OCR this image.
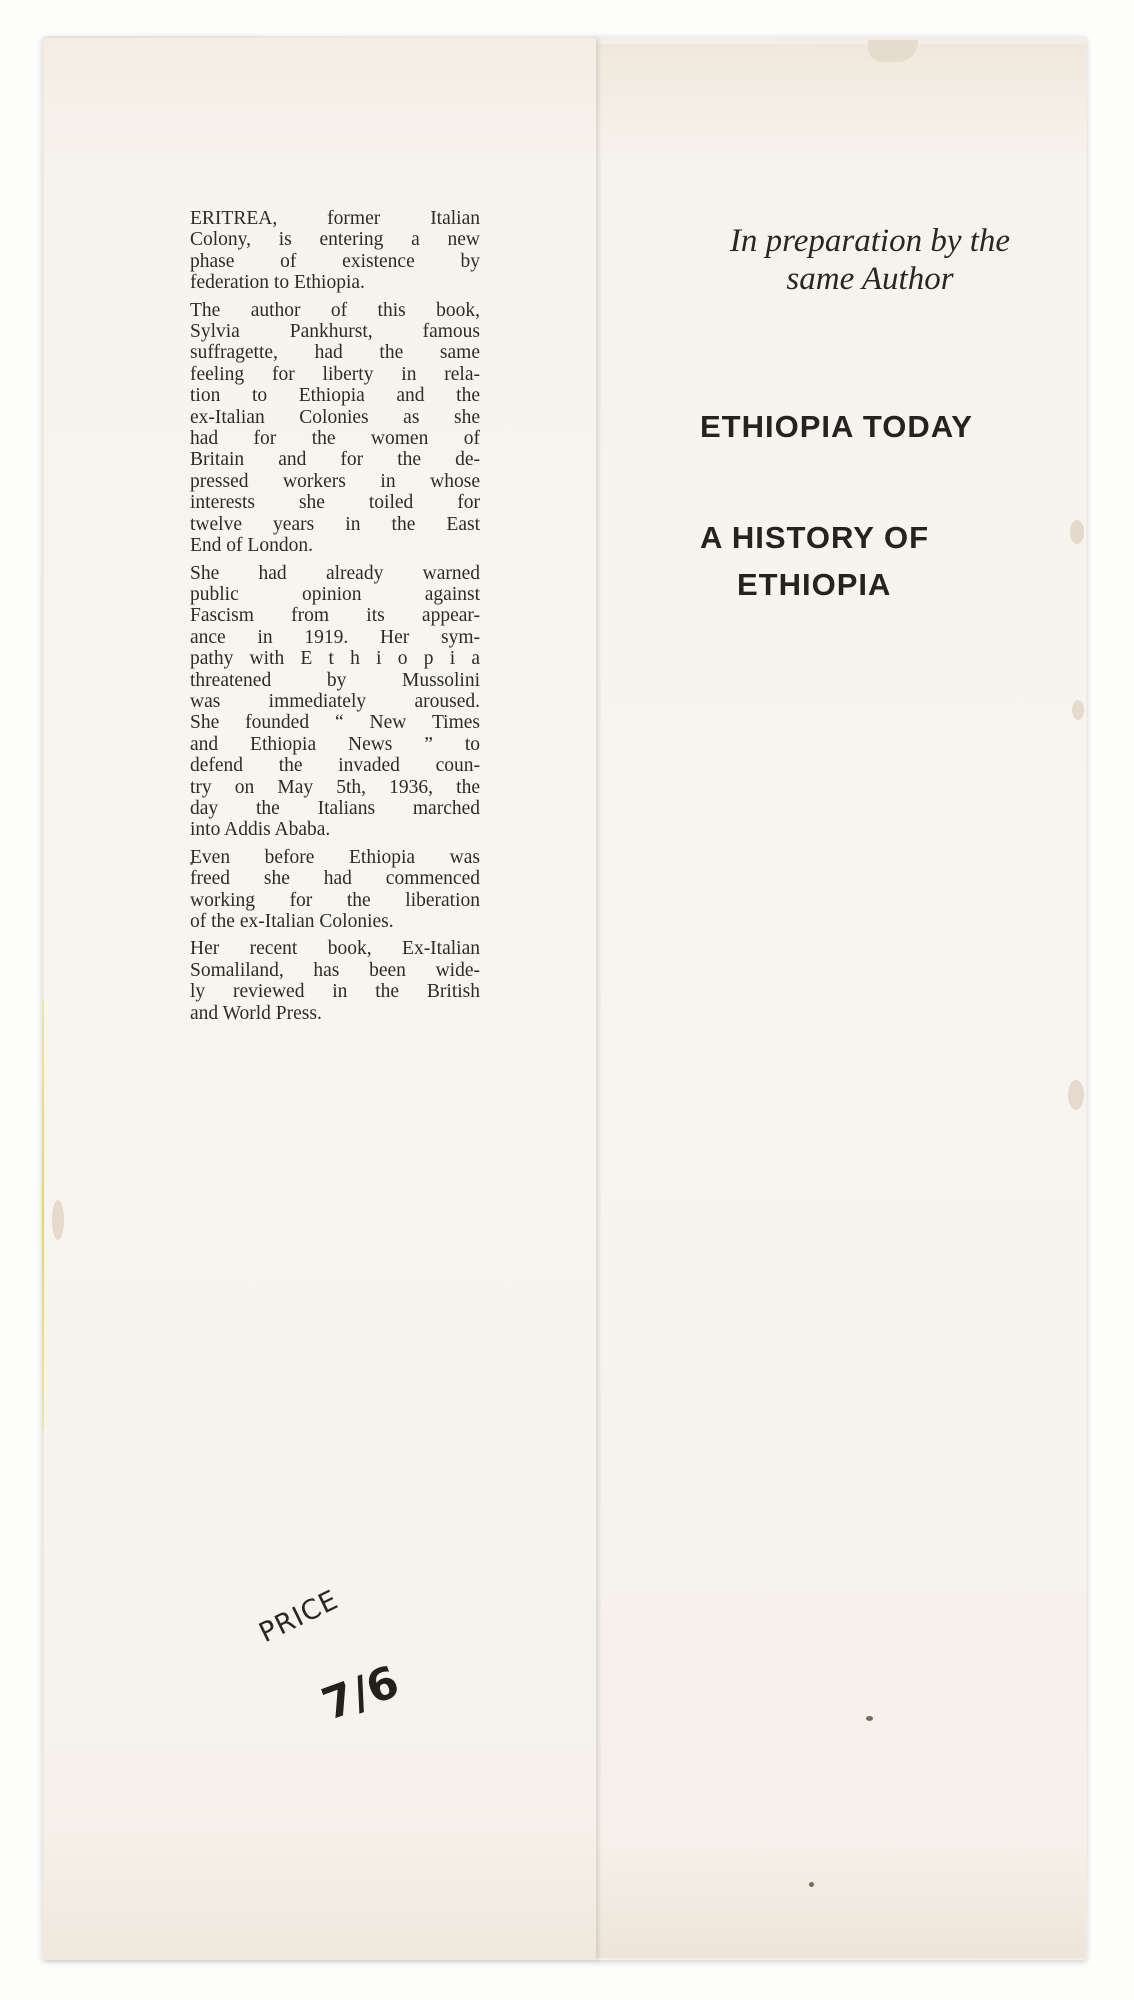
ERITREA, former Italian
Colony, is entering a new
phase of existence by
federation to Ethiopia.

The author of this book,
Sylvia Pankhurst, famous
suffragette, had the same
feeling for liberty in rela-
tion to Ethiopia and the
ex-Italian Colonies as she
had for the women of
Britain and for the de-
pressed workers in whose
interests she toiled for
twelve years in the East
End of London.

She had already warned
public opinion against
Fascism from its appear-
ance in 1919. Her sym-
pathy with E t h i o p i a
threatened by Mussolini
was immediately aroused.
She founded “ New Times
and Ethiopia News ” to
defend the invaded coun-
try on May 5th, 1936, the
day the Italians marched
into Addis Ababa.

Even before Ethiopia was
freed she had commenced
working for the liberation
of the ex-Italian Colonies.

Her recent book, Ex-Italian
Somaliland, has been wide-
ly reviewed in the British
and World Press.

PRICE
7/6
In preparation by the
same Author
ETHIOPIA TODAY
A HISTORY OF
ETHIOPIA
